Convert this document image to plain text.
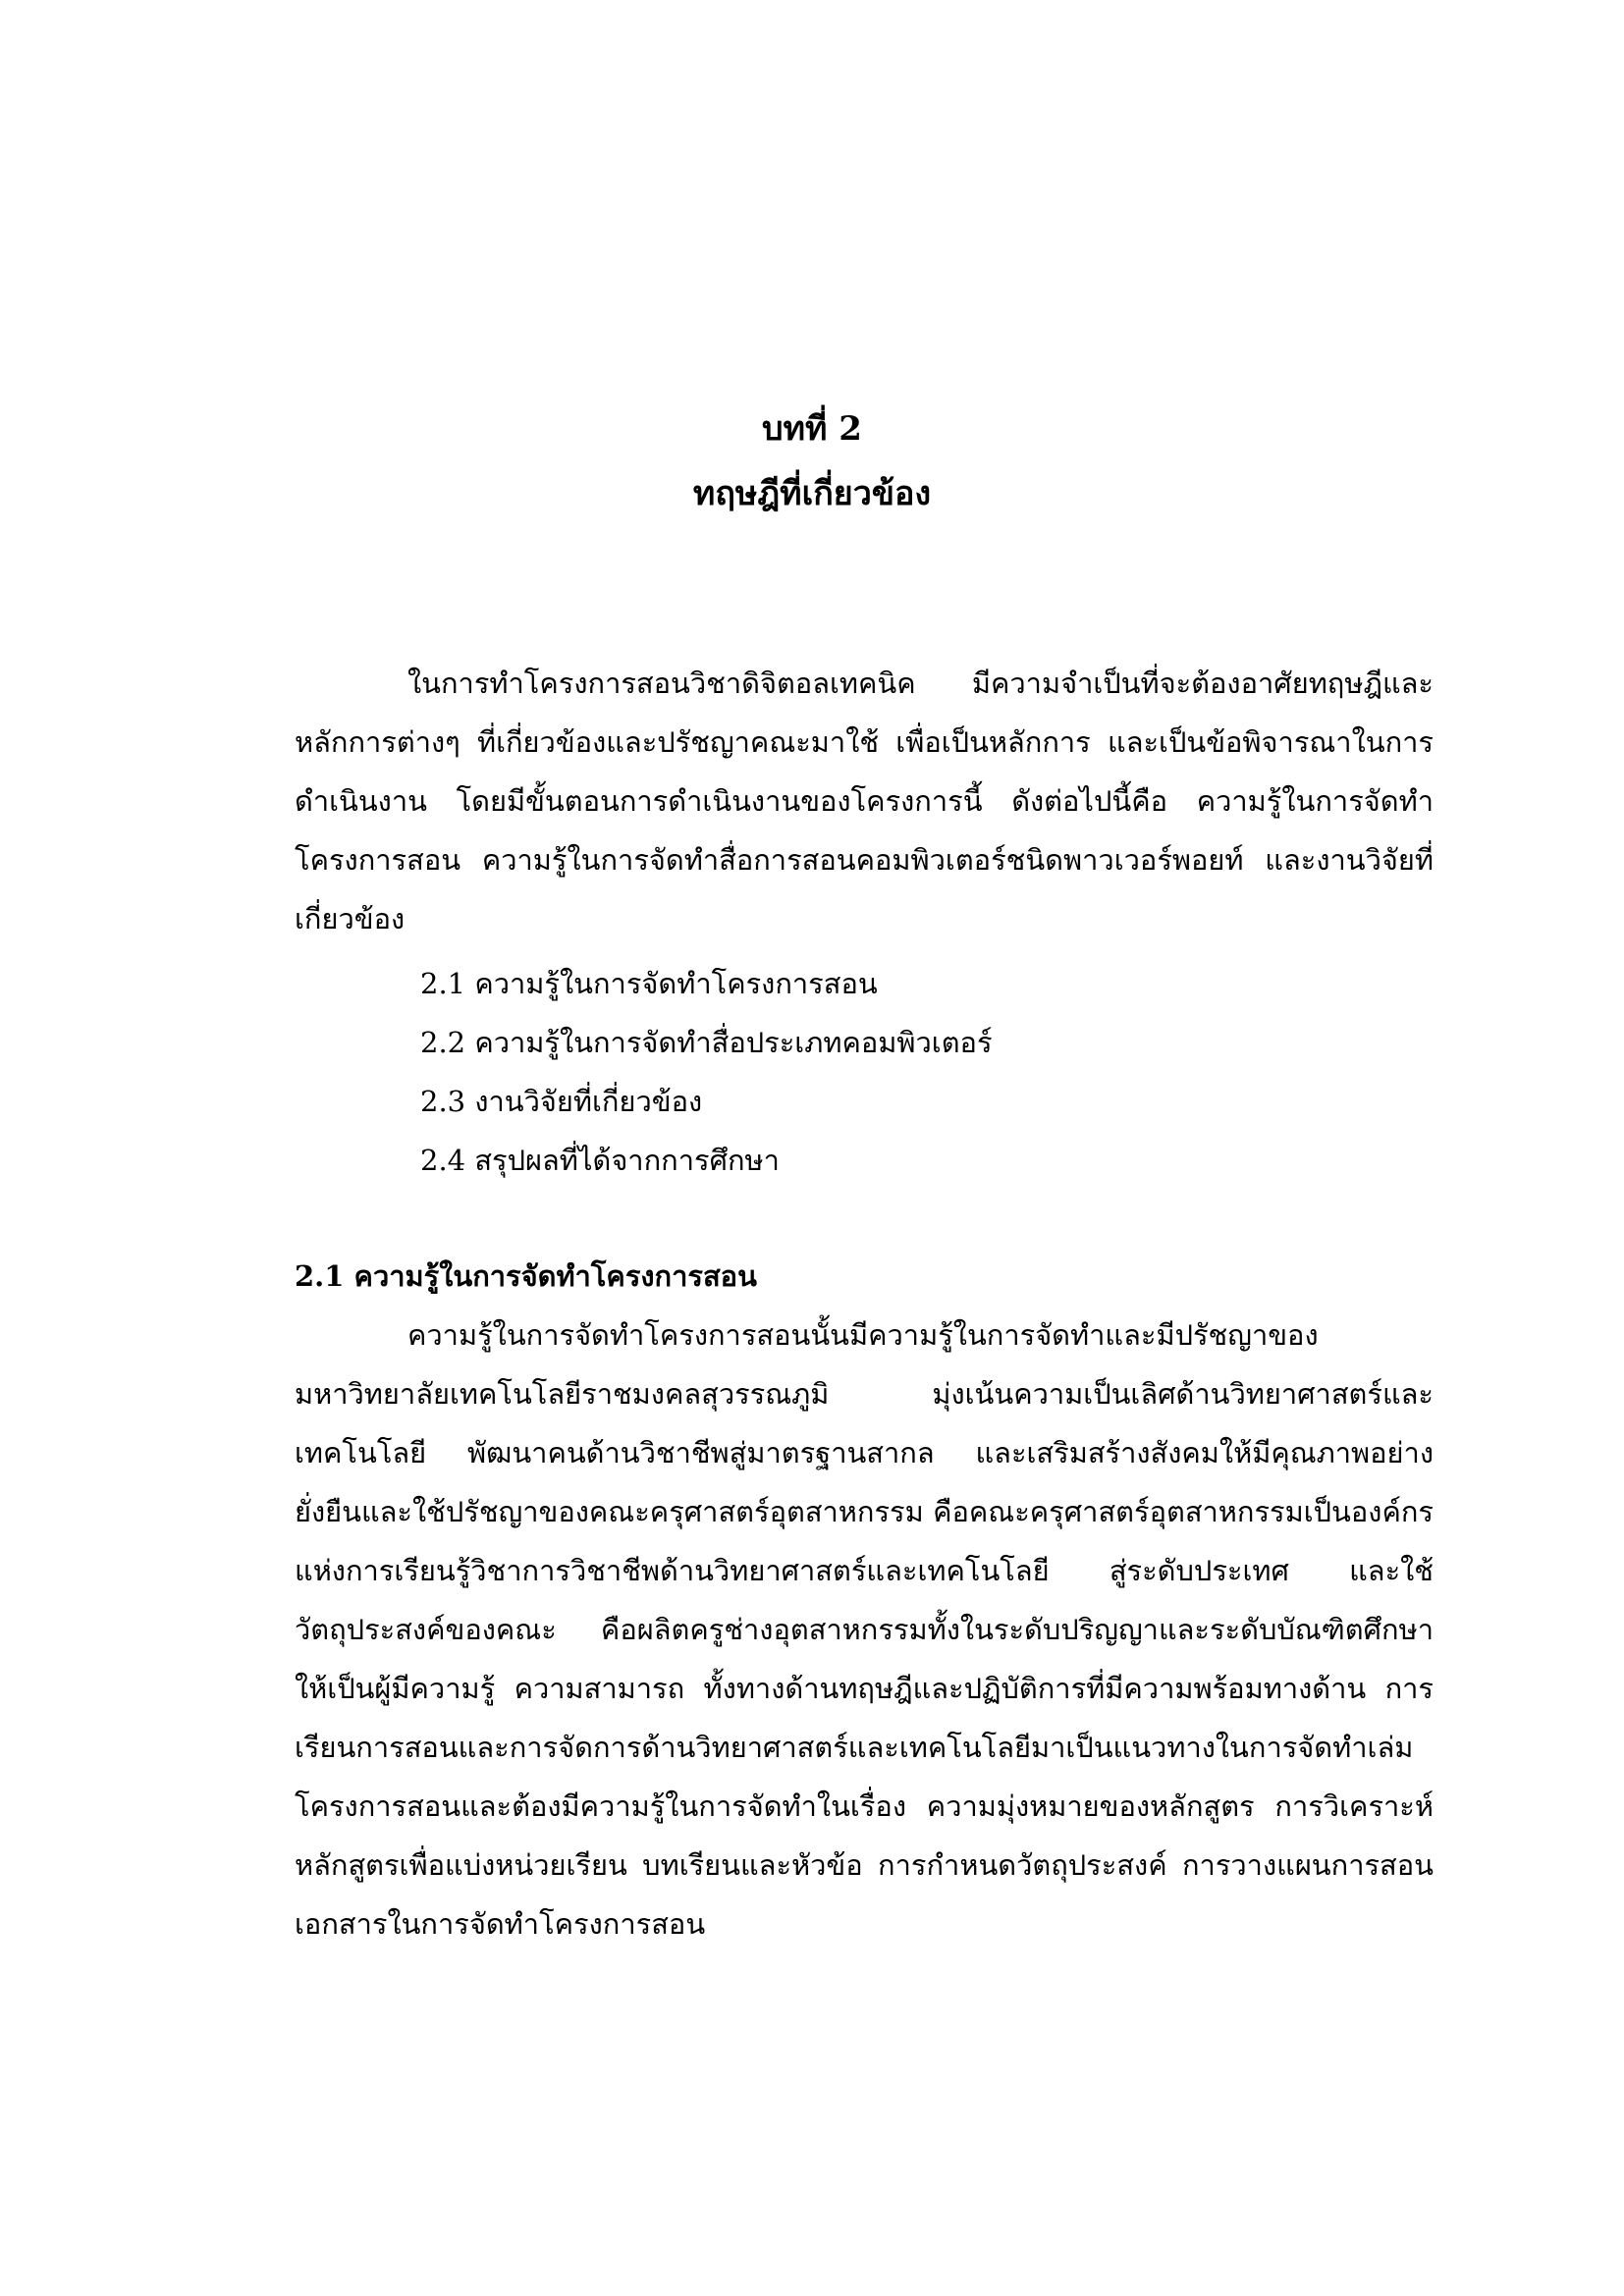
บทที่ 2
ทฤษฎีที่เกี่ยวข้อง

ในการทำโครงการสอนวิชาดิจิตอลเทคนิค มีความจำเป็นที่จะต้องอาศัยทฤษฎีและหลักการต่างๆ ที่เกี่ยวข้องและปรัชญาคณะมาใช้ เพื่อเป็นหลักการ และเป็นข้อพิจารณาในการดำเนินงาน โดยมีขั้นตอนการดำเนินงานของโครงการนี้ ดังต่อไปนี้คือ ความรู้ในการจัดทำโครงการสอน ความรู้ในการจัดทำสื่อการสอนคอมพิวเตอร์ชนิดพาวเวอร์พอยท์ และงานวิจัยที่เกี่ยวข้อง

2.1 ความรู้ในการจัดทำโครงการสอน
2.2 ความรู้ในการจัดทำสื่อประเภทคอมพิวเตอร์
2.3 งานวิจัยที่เกี่ยวข้อง
2.4 สรุปผลที่ได้จากการศึกษา
2.1 ความรู้ในการจัดทำโครงการสอน

ความรู้ในการจัดทำโครงการสอนนั้นมีความรู้ในการจัดทำและมีปรัชญาของมหาวิทยาลัยเทคโนโลยีราชมงคลสุวรรณภูมิ มุ่งเน้นความเป็นเลิศด้านวิทยาศาสตร์และเทคโนโลยี พัฒนาคนด้านวิชาชีพสู่มาตรฐานสากล และเสริมสร้างสังคมให้มีคุณภาพอย่างยั่งยืนและใช้ปรัชญาของคณะครุศาสตร์อุตสาหกรรม คือคณะครุศาสตร์อุตสาหกรรมเป็นองค์กรแห่งการเรียนรู้วิชาการวิชาชีพด้านวิทยาศาสตร์และเทคโนโลยี สู่ระดับประเทศ และใช้วัตถุประสงค์ของคณะ คือผลิตครูช่างอุตสาหกรรมทั้งในระดับปริญญาและระดับบัณฑิตศึกษา ให้เป็นผู้มีความรู้ ความสามารถ ทั้งทางด้านทฤษฎีและปฏิบัติการที่มีความพร้อมทางด้าน การเรียนการสอนและการจัดการด้านวิทยาศาสตร์และเทคโนโลยีมาเป็นแนวทางในการจัดทำเล่มโครงการสอนและต้องมีความรู้ในการจัดทำในเรื่อง ความมุ่งหมายของหลักสูตร การวิเคราะห์หลักสูตรเพื่อแบ่งหน่วยเรียน บทเรียนและหัวข้อ การกำหนดวัตถุประสงค์ การวางแผนการสอน เอกสารในการจัดทำโครงการสอน
